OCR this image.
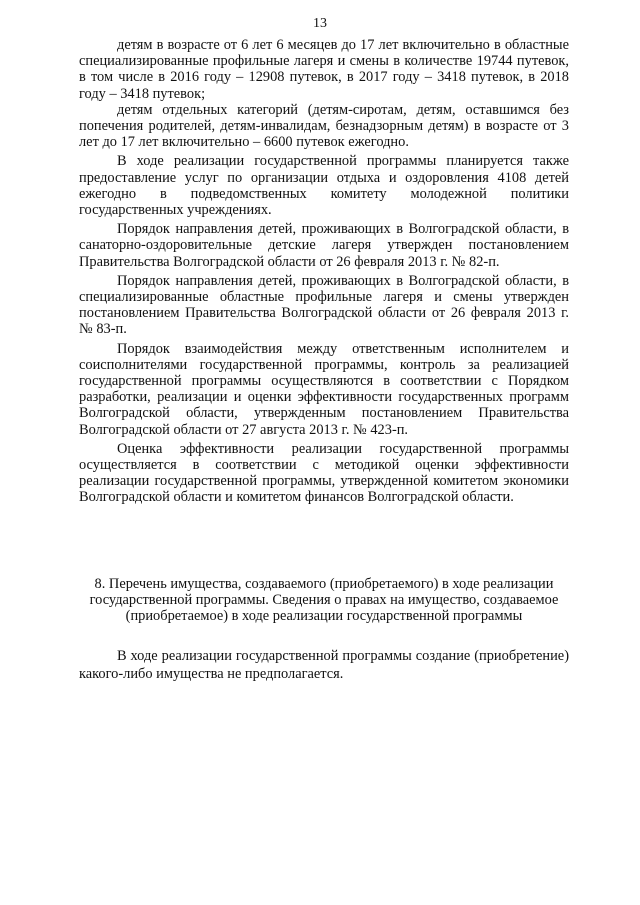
13

детям в возрасте от 6 лет 6 месяцев до 17 лет включительно в областные специализированные профильные лагеря и смены в количестве 19744 путевок, в том числе в 2016 году – 12908 путевок, в 2017 году – 3418 путевок, в 2018 году – 3418 путевок;

детям отдельных категорий (детям-сиротам, детям, оставшимся без попечения родителей, детям-инвалидам, безнадзорным детям) в возрасте от 3 лет до 17 лет включительно – 6600 путевок ежегодно.

В ходе реализации государственной программы планируется также предоставление услуг по организации отдыха и оздоровления 4108 детей ежегодно в подведомственных комитету молодежной политики государственных учреждениях.

Порядок направления детей, проживающих в Волгоградской области, в санаторно-оздоровительные детские лагеря утвержден постановлением Правительства Волгоградской области от 26 февраля 2013 г. № 82-п.

Порядок направления детей, проживающих в Волгоградской области, в специализированные областные профильные лагеря и смены утвержден постановлением Правительства Волгоградской области от 26 февраля 2013 г. № 83-п.

Порядок взаимодействия между ответственным исполнителем и соисполнителями государственной программы, контроль за реализацией государственной программы осуществляются в соответствии с Порядком разработки, реализации и оценки эффективности государственных программ Волгоградской области, утвержденным постановлением Правительства Волгоградской области от 27 августа 2013 г. № 423-п.

Оценка эффективности реализации государственной программы осуществляется в соответствии с методикой оценки эффективности реализации государственной программы, утвержденной комитетом экономики Волгоградской области и комитетом финансов Волгоградской области.

8. Перечень имущества, создаваемого (приобретаемого) в ходе реализации государственной программы. Сведения о правах на имущество, создаваемое (приобретаемое) в ходе реализации государственной программы

В ходе реализации государственной программы создание (приобретение) какого-либо имущества не предполагается.
